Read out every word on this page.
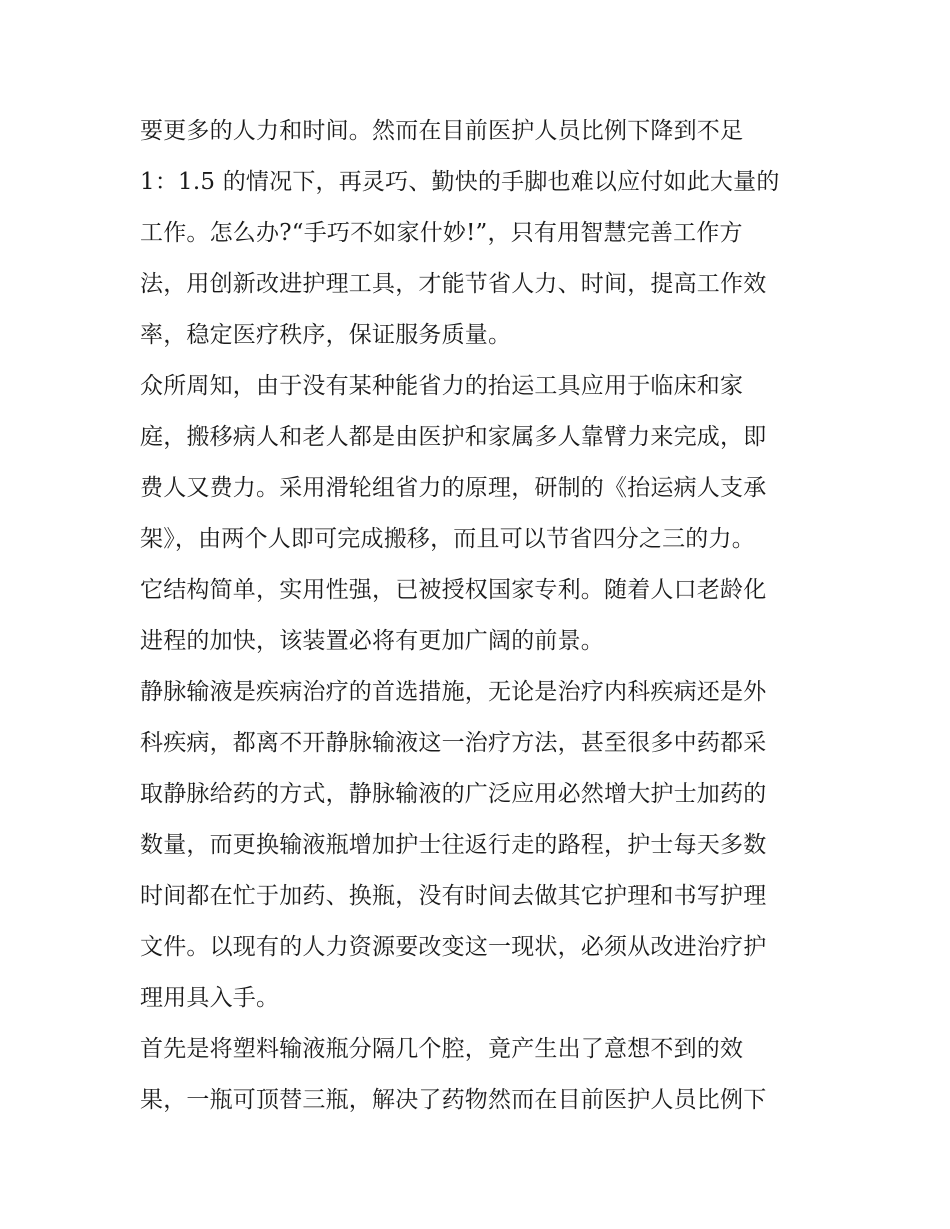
要更多的人力和时间。然而在目前医护人员比例下降到不足
1：1.5 的情况下，再灵巧、勤快的手脚也难以应付如此大量的
工作。怎么办?“手巧不如家什妙!”，只有用智慧完善工作方
法，用创新改进护理工具，才能节省人力、时间，提高工作效
率，稳定医疗秩序，保证服务质量。
众所周知，由于没有某种能省力的抬运工具应用于临床和家
庭，搬移病人和老人都是由医护和家属多人靠臂力来完成，即
费人又费力。采用滑轮组省力的原理，研制的《抬运病人支承
架》，由两个人即可完成搬移，而且可以节省四分之三的力。
它结构简单，实用性强，已被授权国家专利。随着人口老龄化
进程的加快，该装置必将有更加广阔的前景。
静脉输液是疾病治疗的首选措施，无论是治疗内科疾病还是外
科疾病，都离不开静脉输液这一治疗方法，甚至很多中药都采
取静脉给药的方式，静脉输液的广泛应用必然增大护士加药的
数量，而更换输液瓶增加护士往返行走的路程，护士每天多数
时间都在忙于加药、换瓶，没有时间去做其它护理和书写护理
文件。以现有的人力资源要改变这一现状，必须从改进治疗护
理用具入手。
首先是将塑料输液瓶分隔几个腔，竟产生出了意想不到的效
果，一瓶可顶替三瓶，解决了药物然而在目前医护人员比例下
